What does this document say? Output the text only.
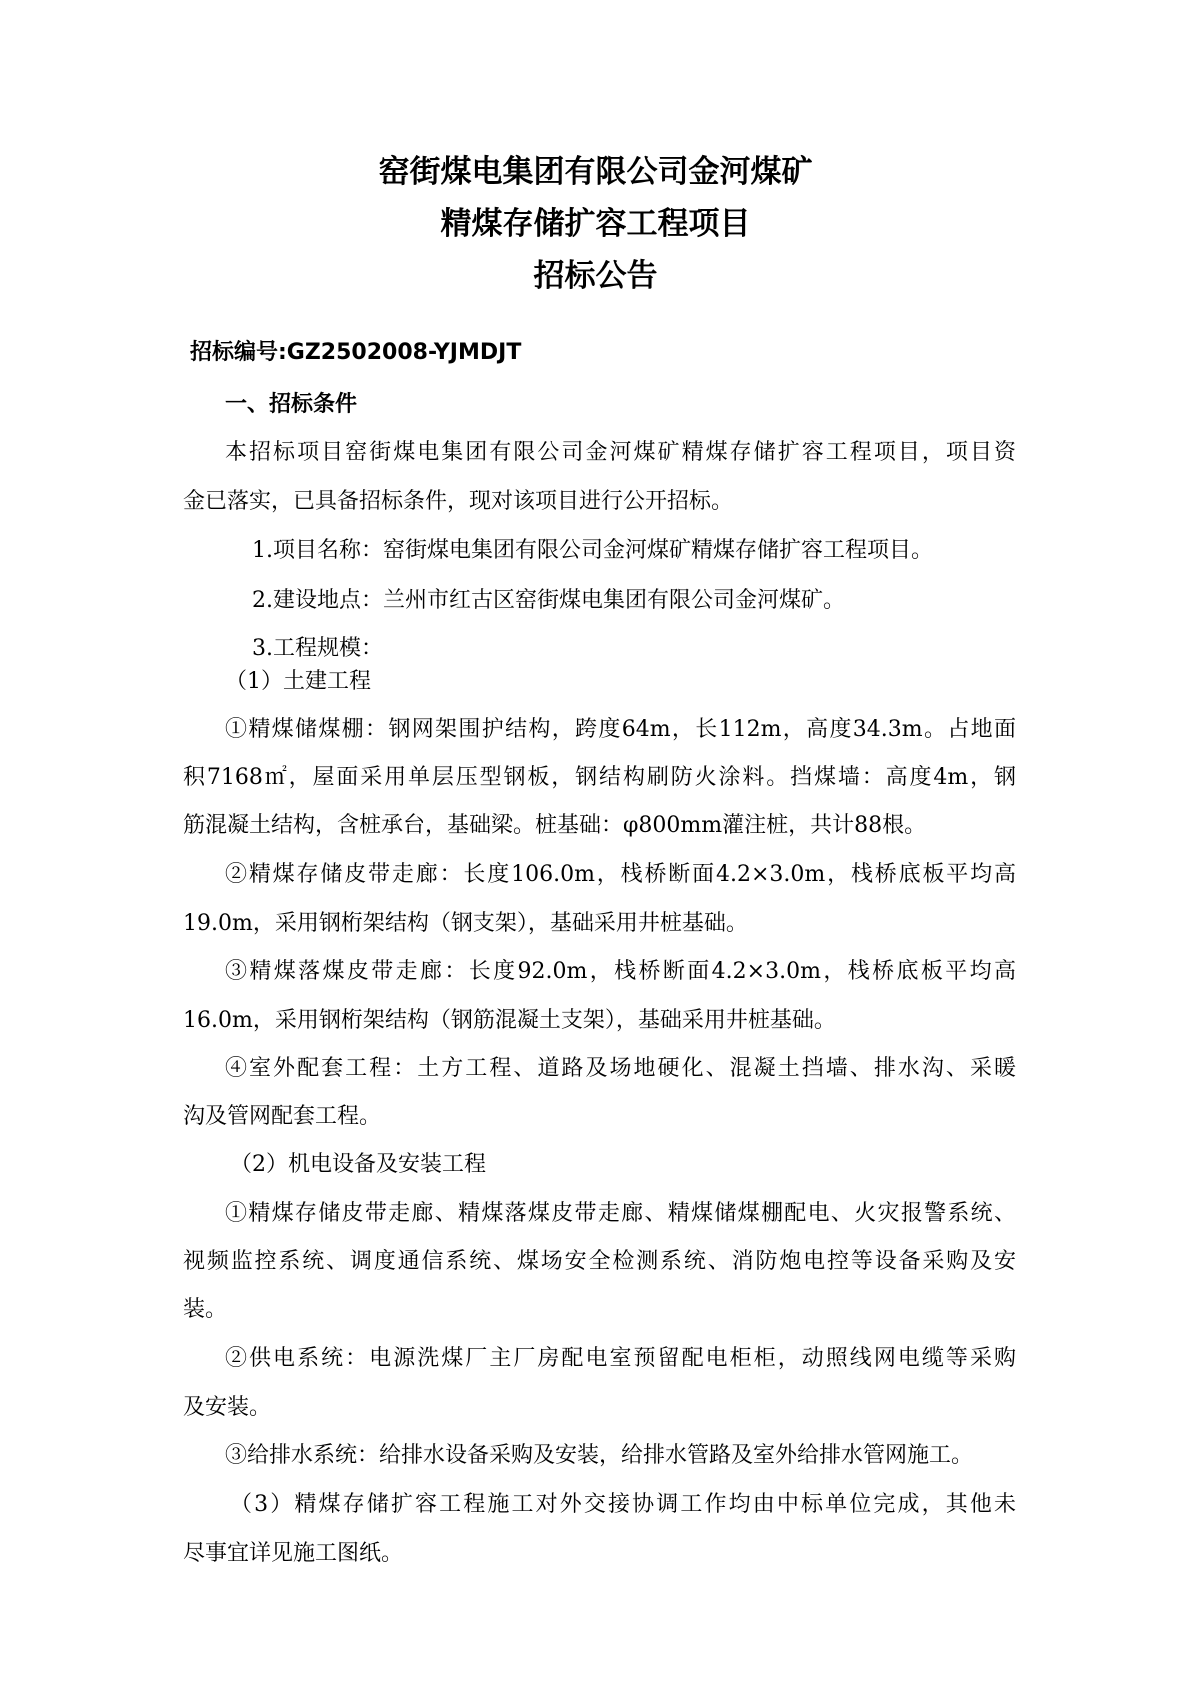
窑街煤电集团有限公司金河煤矿
精煤存储扩容工程项目
招标公告
招标编号:GZ2502008-YJMDJT
一、招标条件
本招标项目窑街煤电集团有限公司金河煤矿精煤存储扩容工程项目，项目资
金已落实，已具备招标条件，现对该项目进行公开招标。
1.项目名称：窑街煤电集团有限公司金河煤矿精煤存储扩容工程项目。
2.建设地点：兰州市红古区窑街煤电集团有限公司金河煤矿。
3.工程规模：
（1）土建工程
①精煤储煤棚：钢网架围护结构，跨度64m，长112m，高度34.3m。占地面
积7168㎡，屋面采用单层压型钢板，钢结构刷防火涂料。挡煤墙：高度4m，钢
筋混凝土结构，含桩承台，基础梁。桩基础：φ800mm灌注桩，共计88根。
②精煤存储皮带走廊：长度106.0m，栈桥断面4.2×3.0m，栈桥底板平均高
19.0m，采用钢桁架结构（钢支架），基础采用井桩基础。
③精煤落煤皮带走廊：长度92.0m，栈桥断面4.2×3.0m，栈桥底板平均高
16.0m，采用钢桁架结构（钢筋混凝土支架），基础采用井桩基础。
④室外配套工程：土方工程、道路及场地硬化、混凝土挡墙、排水沟、采暖
沟及管网配套工程。
（2）机电设备及安装工程
①精煤存储皮带走廊、精煤落煤皮带走廊、精煤储煤棚配电、火灾报警系统、
视频监控系统、调度通信系统、煤场安全检测系统、消防炮电控等设备采购及安
装。
②供电系统：电源洗煤厂主厂房配电室预留配电柜柜，动照线网电缆等采购
及安装。
③给排水系统：给排水设备采购及安装，给排水管路及室外给排水管网施工。
（3）精煤存储扩容工程施工对外交接协调工作均由中标单位完成，其他未
尽事宜详见施工图纸。
